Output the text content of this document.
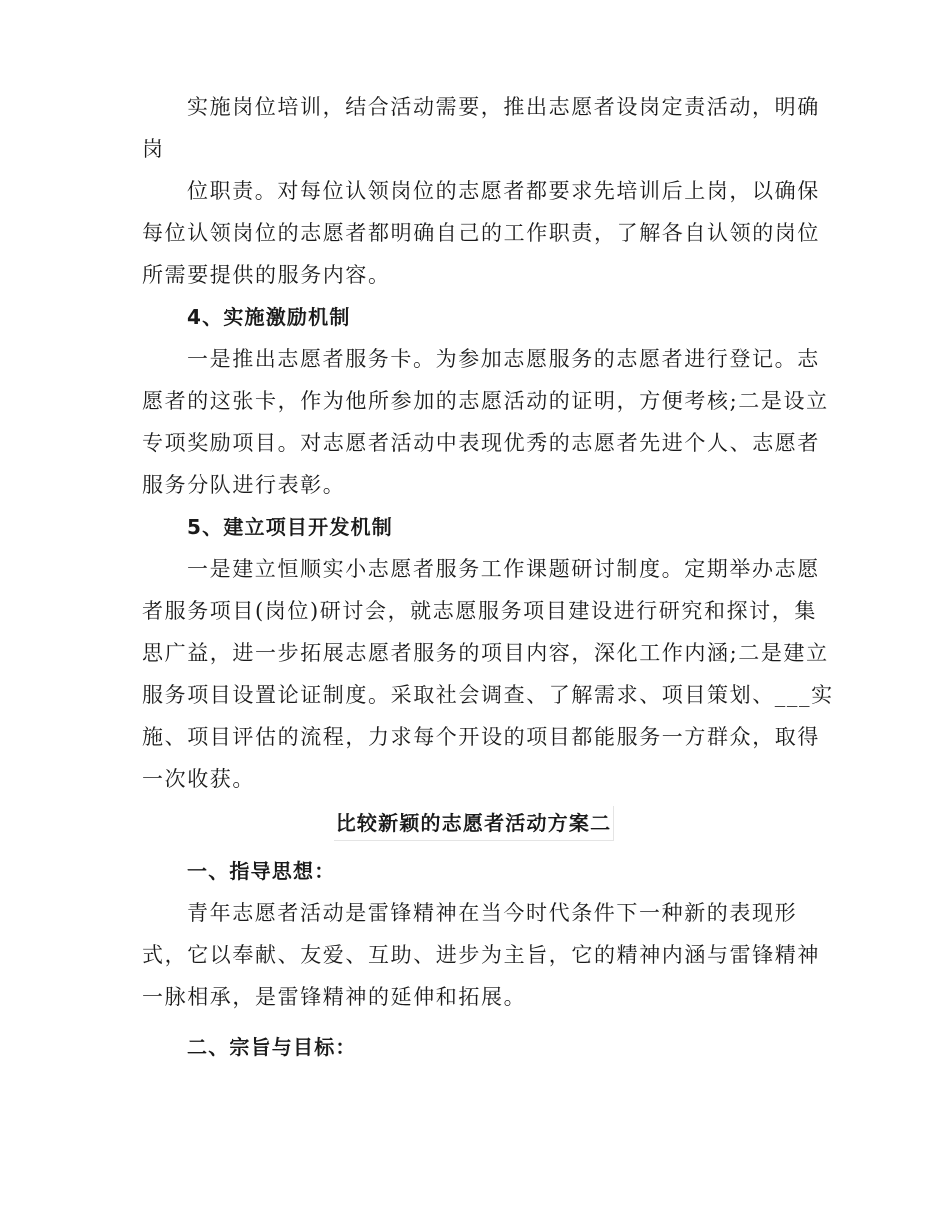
实施岗位培训，结合活动需要，推出志愿者设岗定责活动，明确
岗
位职责。对每位认领岗位的志愿者都要求先培训后上岗，以确保
每位认领岗位的志愿者都明确自己的工作职责，了解各自认领的岗位
所需要提供的服务内容。
4、实施激励机制
一是推出志愿者服务卡。为参加志愿服务的志愿者进行登记。志
愿者的这张卡，作为他所参加的志愿活动的证明，方便考核;二是设立
专项奖励项目。对志愿者活动中表现优秀的志愿者先进个人、志愿者
服务分队进行表彰。
5、建立项目开发机制
一是建立恒顺实小志愿者服务工作课题研讨制度。定期举办志愿
者服务项目(岗位)研讨会，就志愿服务项目建设进行研究和探讨，集
思广益，进一步拓展志愿者服务的项目内容，深化工作内涵;二是建立
服务项目设置论证制度。采取社会调查、了解需求、项目策划、___实
施、项目评估的流程，力求每个开设的项目都能服务一方群众，取得
一次收获。
比较新颖的志愿者活动方案二
一、指导思想：
青年志愿者活动是雷锋精神在当今时代条件下一种新的表现形
式，它以奉献、友爱、互助、进步为主旨，它的精神内涵与雷锋精神
一脉相承，是雷锋精神的延伸和拓展。
二、宗旨与目标：
